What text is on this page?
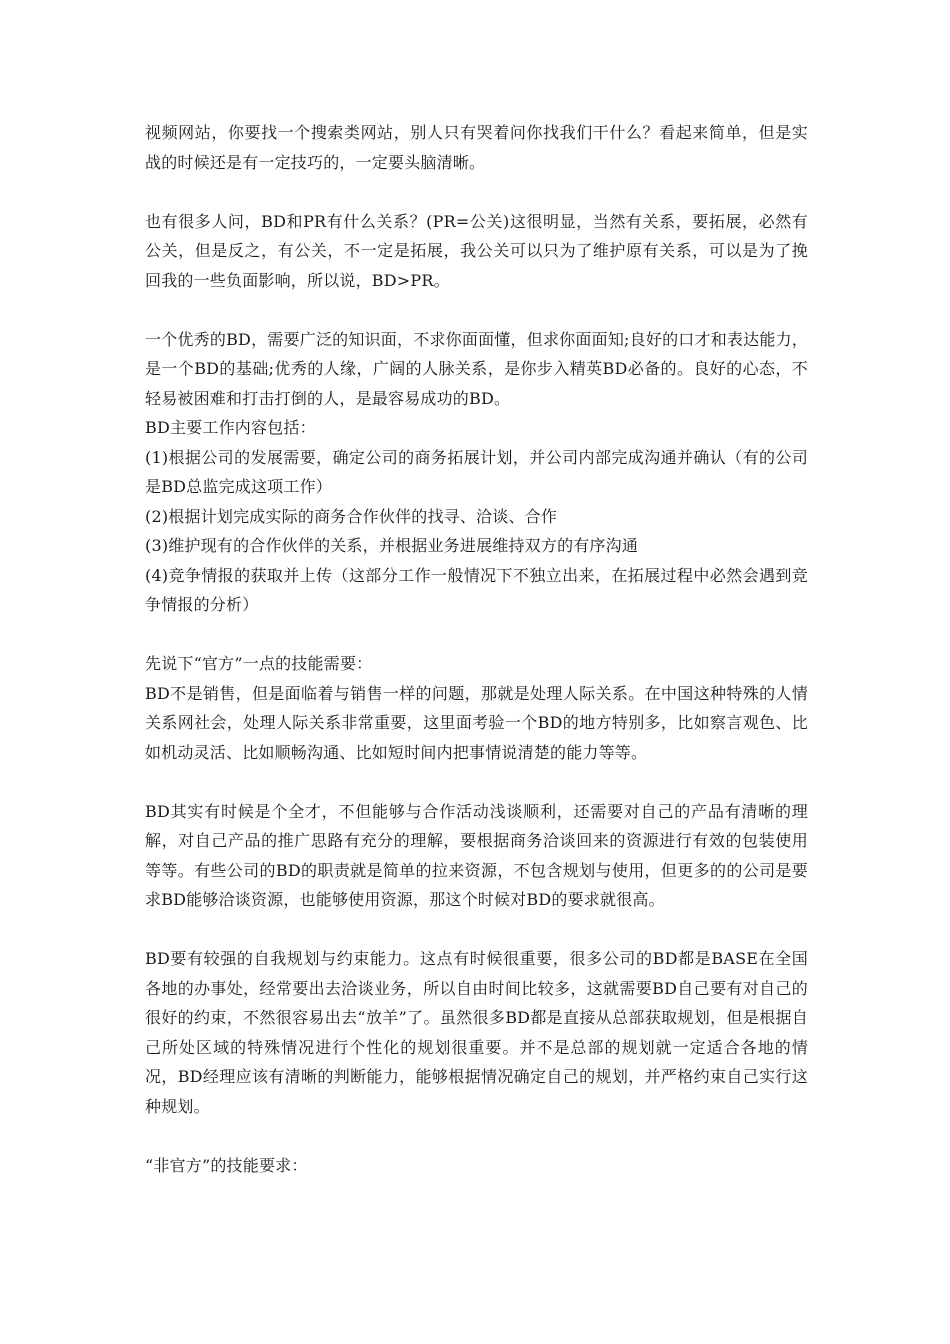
视频网站，你要找一个搜索类网站，别人只有哭着问你找我们干什么？看起来简单，但是实战的时候还是有一定技巧的，一定要头脑清晰。

也有很多人问，BD和PR有什么关系？(PR=公关)这很明显，当然有关系，要拓展，必然有公关，但是反之，有公关，不一定是拓展，我公关可以只为了维护原有关系，可以是为了挽回我的一些负面影响，所以说，BD>PR。

一个优秀的BD，需要广泛的知识面，不求你面面懂，但求你面面知;良好的口才和表达能力，是一个BD的基础;优秀的人缘，广阔的人脉关系，是你步入精英BD必备的。良好的心态，不轻易被困难和打击打倒的人，是最容易成功的BD。

BD主要工作内容包括：

(1)根据公司的发展需要，确定公司的商务拓展计划，并公司内部完成沟通并确认（有的公司是BD总监完成这项工作）

(2)根据计划完成实际的商务合作伙伴的找寻、洽谈、合作

(3)维护现有的合作伙伴的关系，并根据业务进展维持双方的有序沟通

(4)竞争情报的获取并上传（这部分工作一般情况下不独立出来，在拓展过程中必然会遇到竞争情报的分析）

先说下“官方”一点的技能需要：

BD不是销售，但是面临着与销售一样的问题，那就是处理人际关系。在中国这种特殊的人情关系网社会，处理人际关系非常重要，这里面考验一个BD的地方特别多，比如察言观色、比如机动灵活、比如顺畅沟通、比如短时间内把事情说清楚的能力等等。

BD其实有时候是个全才，不但能够与合作活动浅谈顺利，还需要对自己的产品有清晰的理解，对自己产品的推广思路有充分的理解，要根据商务洽谈回来的资源进行有效的包装使用等等。有些公司的BD的职责就是简单的拉来资源，不包含规划与使用，但更多的的公司是要求BD能够洽谈资源，也能够使用资源，那这个时候对BD的要求就很高。

BD要有较强的自我规划与约束能力。这点有时候很重要，很多公司的BD都是BASE在全国各地的办事处，经常要出去洽谈业务，所以自由时间比较多，这就需要BD自己要有对自己的很好的约束，不然很容易出去“放羊”了。虽然很多BD都是直接从总部获取规划，但是根据自己所处区域的特殊情况进行个性化的规划很重要。并不是总部的规划就一定适合各地的情况，BD经理应该有清晰的判断能力，能够根据情况确定自己的规划，并严格约束自己实行这种规划。

“非官方”的技能要求：
